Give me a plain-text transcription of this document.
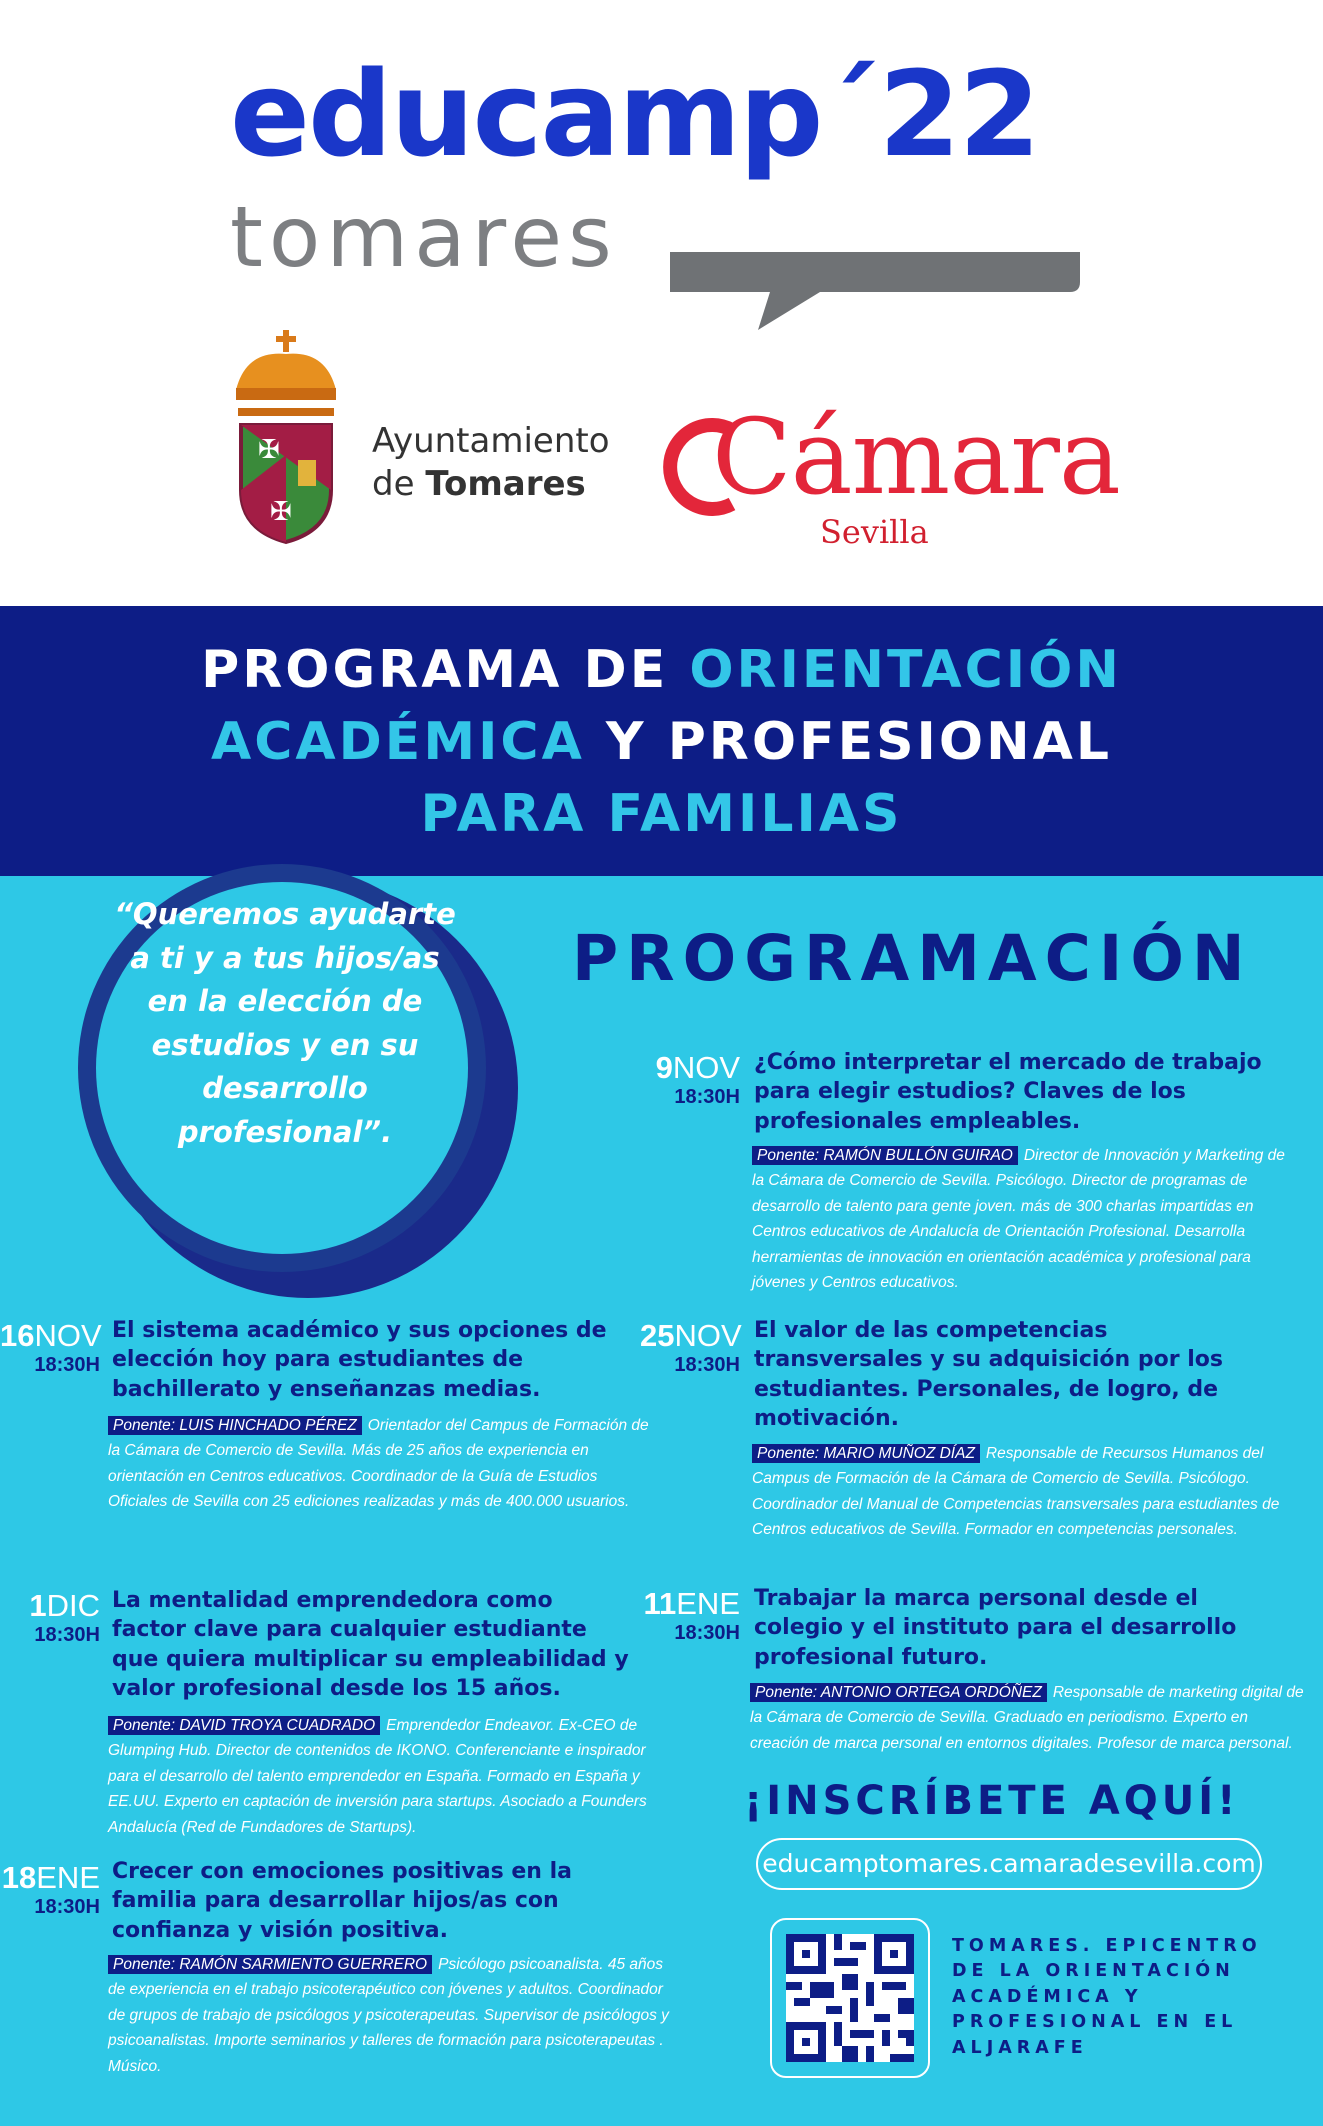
educamp´22
tomares
✠
✠
Ayuntamiento
de Tomares Cámara
Sevilla
PROGRAMA DE ORIENTACIÓN
ACADÉMICA Y PROFESIONAL
PARA FAMILIAS
“Queremos ayudarte a ti y a tus hijos/as en la elección de estudios y en su desarrollo profesional”.
PROGRAMACIÓN
9NOV
18:30H
¿Cómo interpretar el mercado de trabajo para elegir estudios? Claves de los profesionales empleables.
Ponente: RAMÓN BULLÓN GUIRAO Director de Innovación y Marketing de la Cámara de Comercio de Sevilla. Psicólogo. Director de programas de desarrollo de talento para gente joven. más de 300 charlas impartidas en Centros educativos de Andalucía de Orientación Profesional. Desarrolla herramientas de innovación en orientación académica y profesional para jóvenes y Centros educativos.
16NOV
18:30H
El sistema académico y sus opciones de elección hoy para estudiantes de bachillerato y enseñanzas medias.
Ponente: LUIS HINCHADO PÉREZ Orientador del Campus de Formación de la Cámara de Comercio de Sevilla. Más de 25 años de experiencia en orientación en Centros educativos. Coordinador de la Guía de Estudios Oficiales de Sevilla con 25 ediciones realizadas y más de 400.000 usuarios.
25NOV
18:30H
El valor de las competencias transversales y su adquisición por los estudiantes. Personales, de logro, de motivación.
Ponente: MARIO MUÑOZ DÍAZ Responsable de Recursos Humanos del Campus de Formación de la Cámara de Comercio de Sevilla. Psicólogo. Coordinador del Manual de Competencias transversales para estudiantes de Centros educativos de Sevilla. Formador en competencias personales.
1DIC
18:30H
La mentalidad emprendedora como factor clave para cualquier estudiante que quiera multiplicar su empleabilidad y valor profesional desde los 15 años.
Ponente: DAVID TROYA CUADRADO Emprendedor Endeavor. Ex-CEO de Glumping Hub. Director de contenidos de IKONO. Conferenciante e inspirador para el desarrollo del talento emprendedor en España. Formado en España y EE.UU. Experto en captación de inversión para startups. Asociado a Founders Andalucía (Red de Fundadores de Startups).
11ENE
18:30H
Trabajar la marca personal desde el colegio y el instituto para el desarrollo profesional futuro.
Ponente: ANTONIO ORTEGA ORDÓÑEZ Responsable de marketing digital de la Cámara de Comercio de Sevilla. Graduado en periodismo. Experto en creación de marca personal en entornos digitales. Profesor de marca personal.
18ENE
18:30H
Crecer con emociones positivas en la familia para desarrollar hijos/as con confianza y visión positiva.
Ponente: RAMÓN SARMIENTO GUERRERO Psicólogo psicoanalista. 45 años de experiencia en el trabajo psicoterapéutico con jóvenes y adultos. Coordinador de grupos de trabajo de psicólogos y psicoterapeutas. Supervisor de psicólogos y psicoanalistas. Importe seminarios y talleres de formación para psicoterapeutas . Músico.
¡INSCRÍBETE AQUÍ!
educamptomares.camaradesevilla.com
TOMARES. EPICENTRO DE LA ORIENTACIÓN ACADÉMICA Y PROFESIONAL EN EL ALJARAFE
